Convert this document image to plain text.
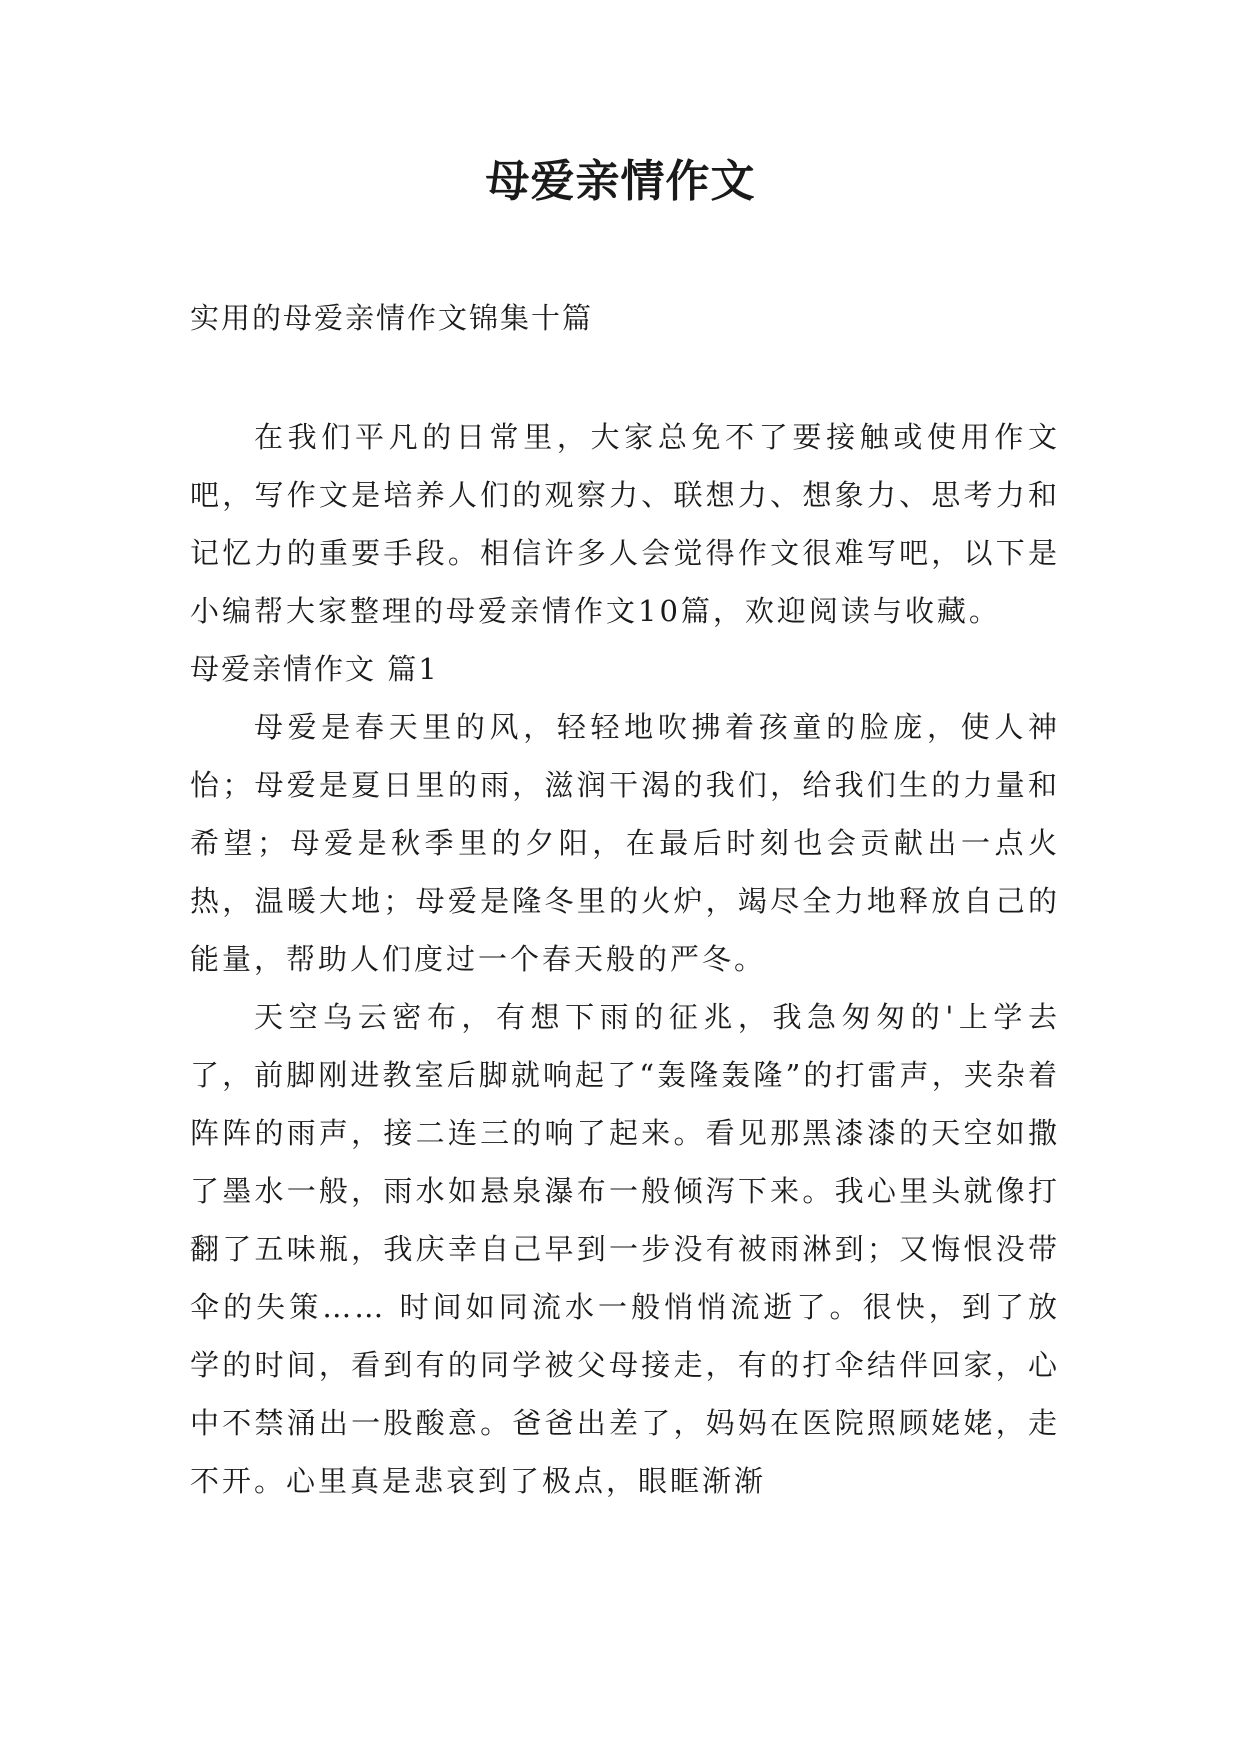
母爱亲情作文
实用的母爱亲情作文锦集十篇

在我们平凡的日常里，大家总免不了要接触或使用作文吧，写作文是培养人们的观察力、联想力、想象力、思考力和记忆力的重要手段。相信许多人会觉得作文很难写吧，以下是小编帮大家整理的母爱亲情作文10篇，欢迎阅读与收藏。

母爱亲情作文 篇1

母爱是春天里的风，轻轻地吹拂着孩童的脸庞，使人神怡；母爱是夏日里的雨，滋润干渴的我们，给我们生的力量和希望；母爱是秋季里的夕阳，在最后时刻也会贡献出一点火热，温暖大地；母爱是隆冬里的火炉，竭尽全力地释放自己的能量，帮助人们度过一个春天般的严冬。

天空乌云密布，有想下雨的征兆，我急匆匆的'上学去了，前脚刚进教室后脚就响起了“轰隆轰隆”的打雷声，夹杂着阵阵的雨声，接二连三的响了起来。看见那黑漆漆的天空如撒了墨水一般，雨水如悬泉瀑布一般倾泻下来。我心里头就像打翻了五味瓶，我庆幸自己早到一步没有被雨淋到；又悔恨没带伞的失策…… 时间如同流水一般悄悄流逝了。很快，到了放学的时间，看到有的同学被父母接走，有的打伞结伴回家，心中不禁涌出一股酸意。爸爸出差了，妈妈在医院照顾姥姥，走不开。心里真是悲哀到了极点，眼眶渐渐
